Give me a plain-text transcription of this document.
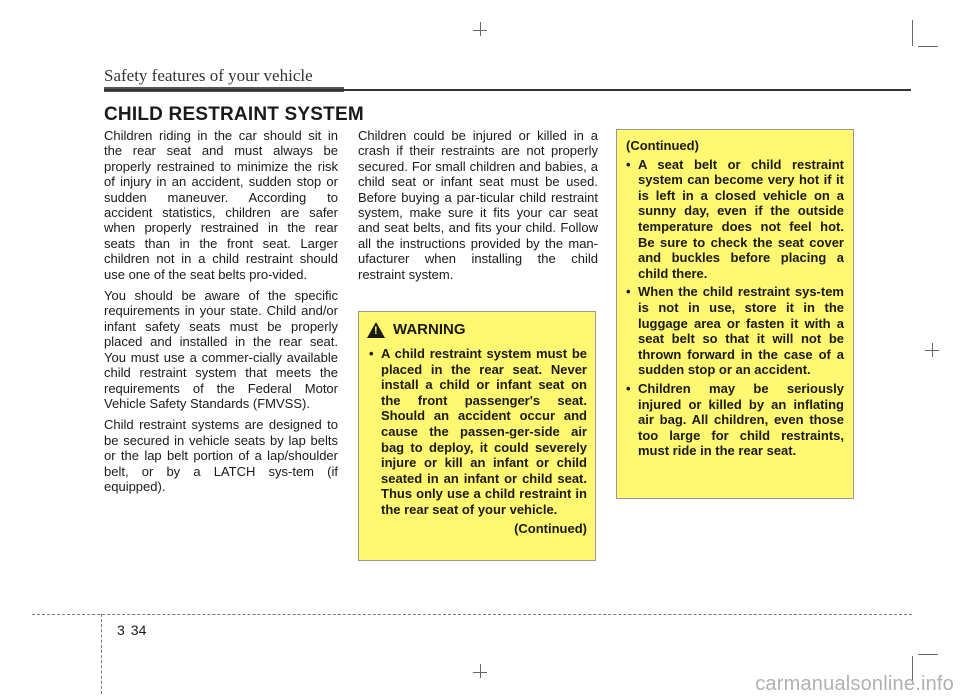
Safety features of your vehicle
CHILD RESTRAINT SYSTEM

Children riding in the car should sit in the rear seat and must always be properly restrained to minimize the risk of injury in an accident, sudden stop or sudden maneuver. According to accident statistics, children are safer when properly restrained in the rear seats than in the front seat. Larger children not in a child restraint should use one of the seat belts pro-vided.

You should be aware of the specific requirements in your state. Child and/or infant safety seats must be properly placed and installed in the rear seat. You must use a commer-cially available child restraint system that meets the requirements of the Federal Motor Vehicle Safety Standards (FMVSS).

Child restraint systems are designed to be secured in vehicle seats by lap belts or the lap belt portion of a lap/shoulder belt, or by a LATCH sys-tem (if equipped).

Children could be injured or killed in a crash if their restraints are not properly secured. For small children and babies, a child seat or infant seat must be used. Before buying a par-ticular child restraint system, make sure it fits your car seat and seat belts, and fits your child. Follow all the instructions provided by the man-ufacturer when installing the child restraint system.

! WARNING
• A child restraint system must be placed in the rear seat. Never install a child or infant seat on the front passenger's seat. Should an accident occur and cause the passen-ger-side air bag to deploy, it could severely injure or kill an infant or child seated in an infant or child seat. Thus only use a child restraint in the rear seat of your vehicle.
(Continued)
(Continued)
• A seat belt or child restraint system can become very hot if it is left in a closed vehicle on a sunny day, even if the outside temperature does not feel hot. Be sure to check the seat cover and buckles before placing a child there.
• When the child restraint sys-tem is not in use, store it in the luggage area or fasten it with a seat belt so that it will not be thrown forward in the case of a sudden stop or an accident.
• Children may be seriously injured or killed by an inflating air bag. All children, even those too large for child restraints, must ride in the rear seat.
3 34
carmanualsonline.info
